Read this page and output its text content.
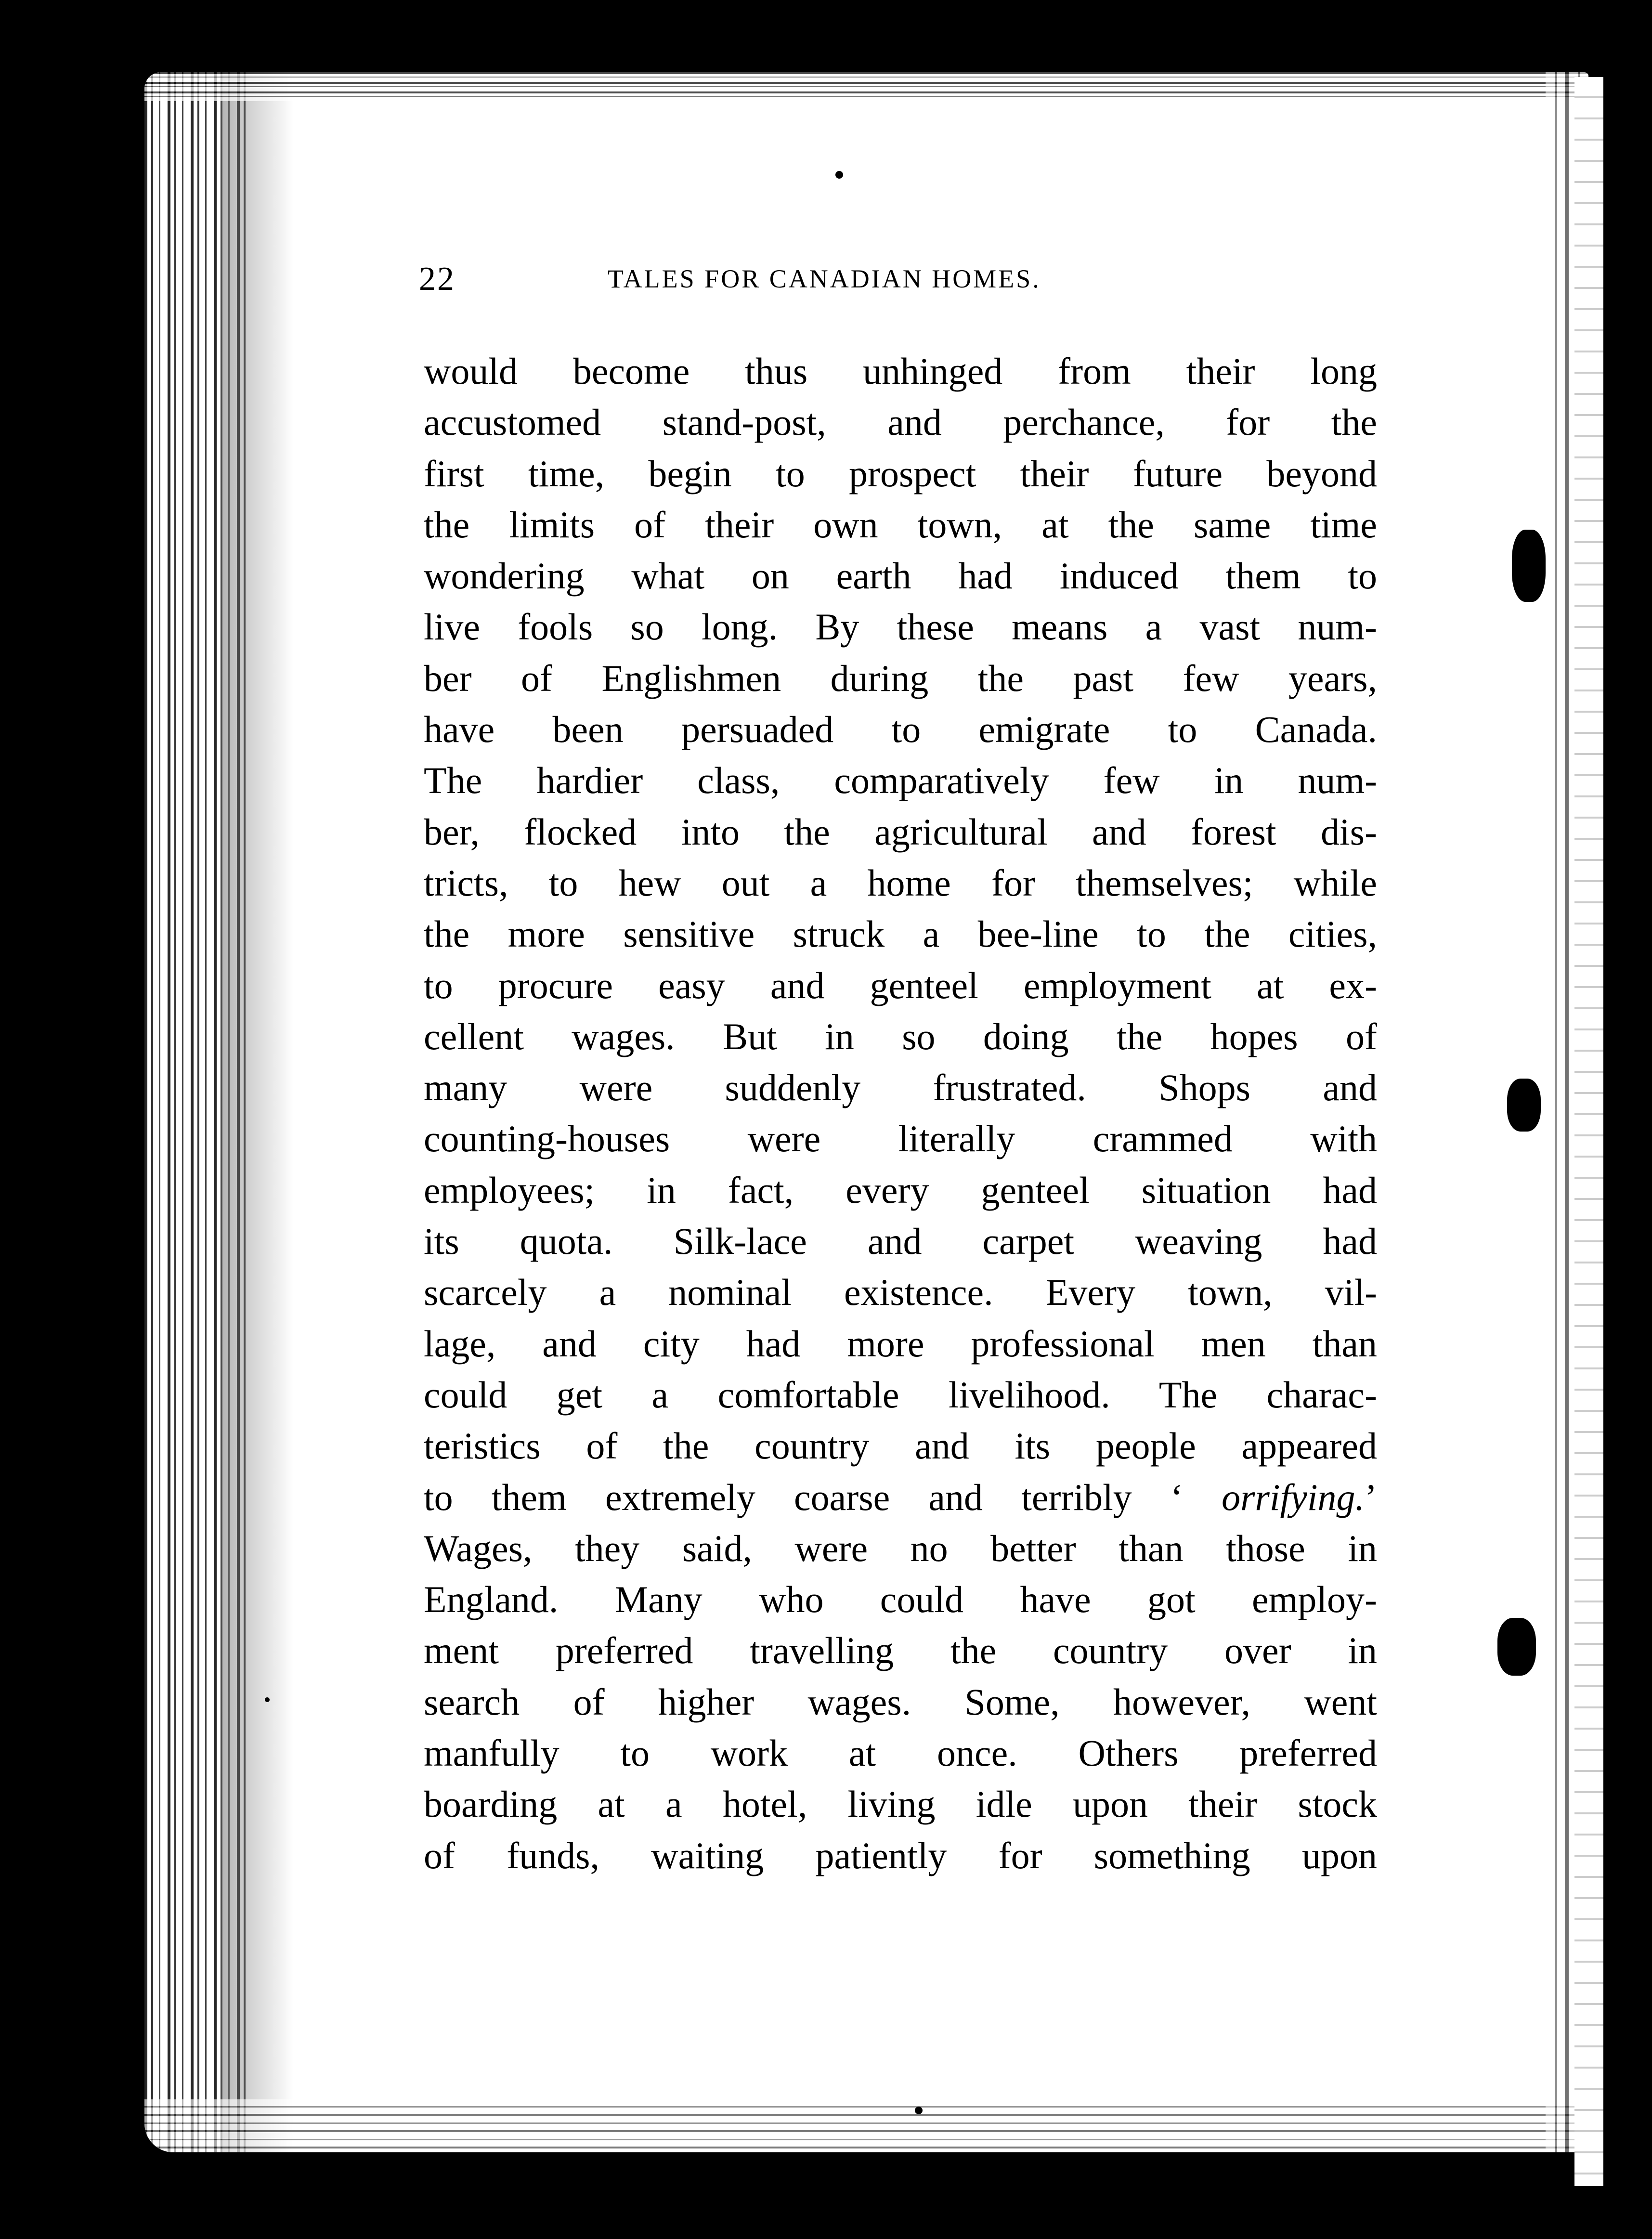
22	TALES FOR CANADIAN HOMES.
would become thus unhinged from their long
accustomed stand-post, and perchance, for the
first time, begin to prospect their future beyond
the limits of their own town, at the same time
wondering what on earth had induced them to
live fools so long. By these means a vast num-
ber of Englishmen during the past few years,
have been persuaded to emigrate to Canada.
The hardier class, comparatively few in num-
ber, flocked into the agricultural and forest dis-
tricts, to hew out a home for themselves; while
the more sensitive struck a bee-line to the cities,
to procure easy and genteel employment at ex-
cellent wages. But in so doing the hopes of
many were suddenly frustrated. Shops and
counting-houses were literally crammed with
employees; in fact, every genteel situation had
its quota. Silk-lace and carpet weaving had
scarcely a nominal existence. Every town, vil-
lage, and city had more professional men than
could get a comfortable livelihood. The charac-
teristics of the country and its people appeared
to them extremely coarse and terribly ‘ orrifying.’
Wages, they said, were no better than those in
England. Many who could have got employ-
ment preferred travelling the country over in
search of higher wages. Some, however, went
manfully to work at once. Others preferred
boarding at a hotel, living idle upon their stock
of funds, waiting patiently for something upon
